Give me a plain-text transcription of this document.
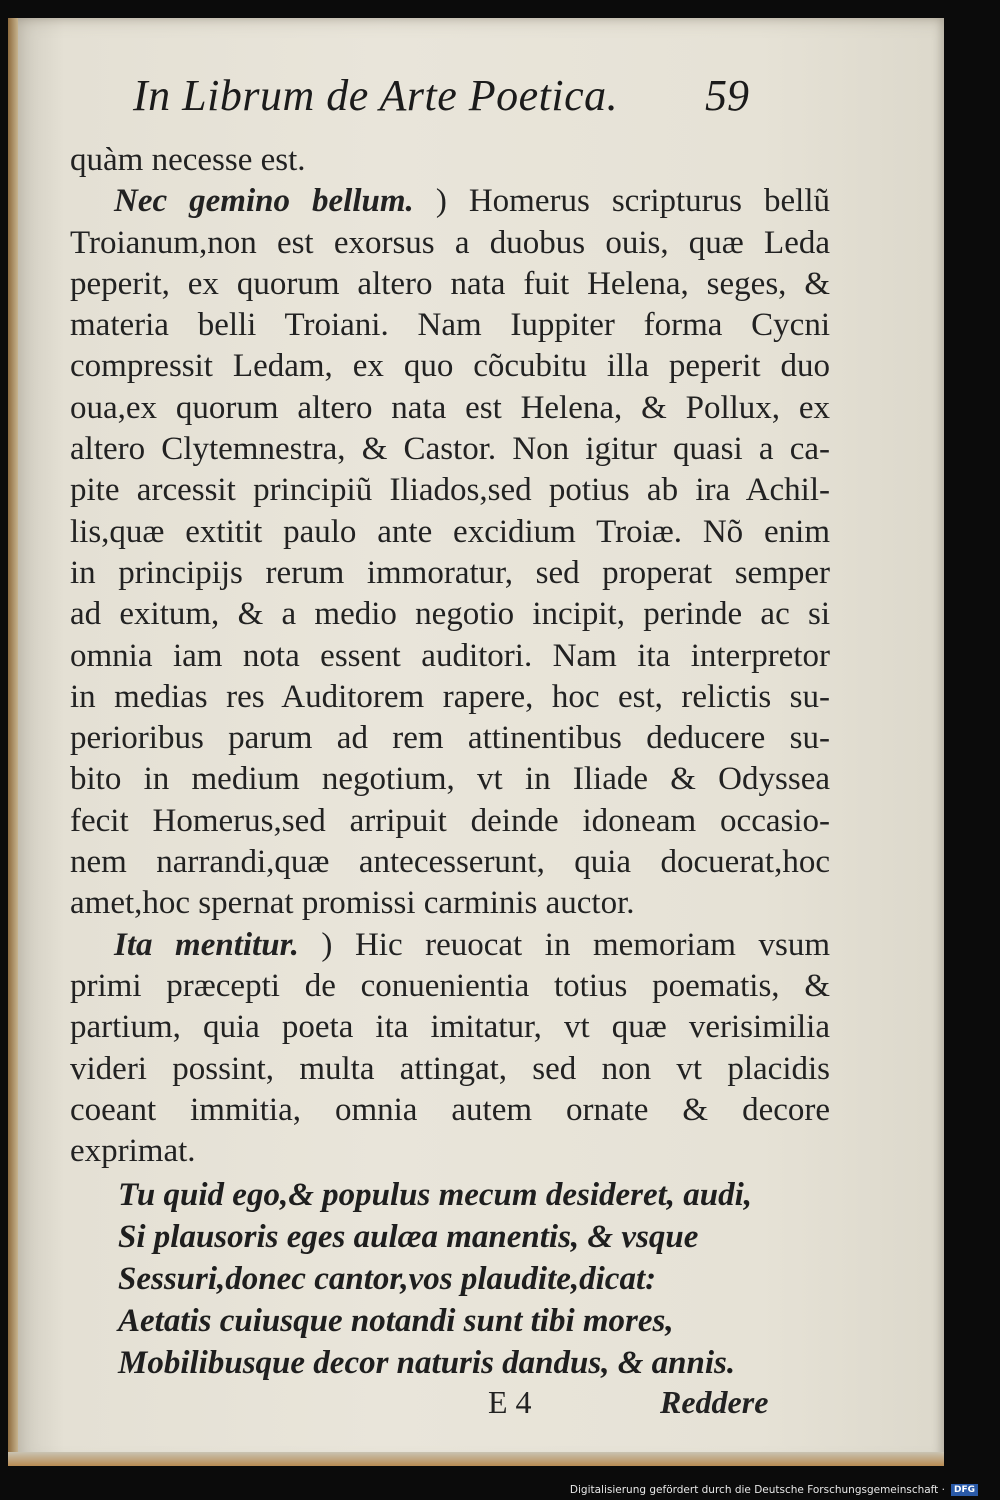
In Librum de Arte Poetica. 59
quàm necesse est.
Nec gemino bellum. ) Homerus scripturus bellũ
Troianum,non est exorsus a duobus ouis, quæ Leda
peperit, ex quorum altero nata fuit Helena, seges, &
materia belli Troiani. Nam Iuppiter forma Cycni
compressit Ledam, ex quo cõcubitu illa peperit duo
oua,ex quorum altero nata est Helena, & Pollux, ex
altero Clytemnestra, & Castor. Non igitur quasi a ca-
pite arcessit principiũ Iliados,sed potius ab ira Achil-
lis,quæ extitit paulo ante excidium Troiæ. Nõ enim
in principijs rerum immoratur, sed properat semper
ad exitum, & a medio negotio incipit, perinde ac si
omnia iam nota essent auditori. Nam ita interpretor
in medias res Auditorem rapere, hoc est, relictis su-
perioribus parum ad rem attinentibus deducere su-
bito in medium negotium, vt in Iliade & Odyssea
fecit Homerus,sed arripuit deinde idoneam occasio-
nem narrandi,quæ antecesserunt, quia docuerat,hoc
amet,hoc spernat promissi carminis auctor.
Ita mentitur. ) Hic reuocat in memoriam vsum
primi præcepti de conuenientia totius poematis, &
partium, quia poeta ita imitatur, vt quæ verisimilia
videri possint, multa attingat, sed non vt placidis
coeant immitia, omnia autem ornate & decore
exprimat.
Tu quid ego,& populus mecum desideret, audi,
Si plausoris eges aulæa manentis, & vsque
Sessuri,donec cantor,vos plaudite,dicat:
Aetatis cuiusque notandi sunt tibi mores,
Mobilibusque decor naturis dandus, & annis.
E 4	Reddere
Digitalisierung gefördert durch die Deutsche Forschungsgemeinschaft ·	DFG
